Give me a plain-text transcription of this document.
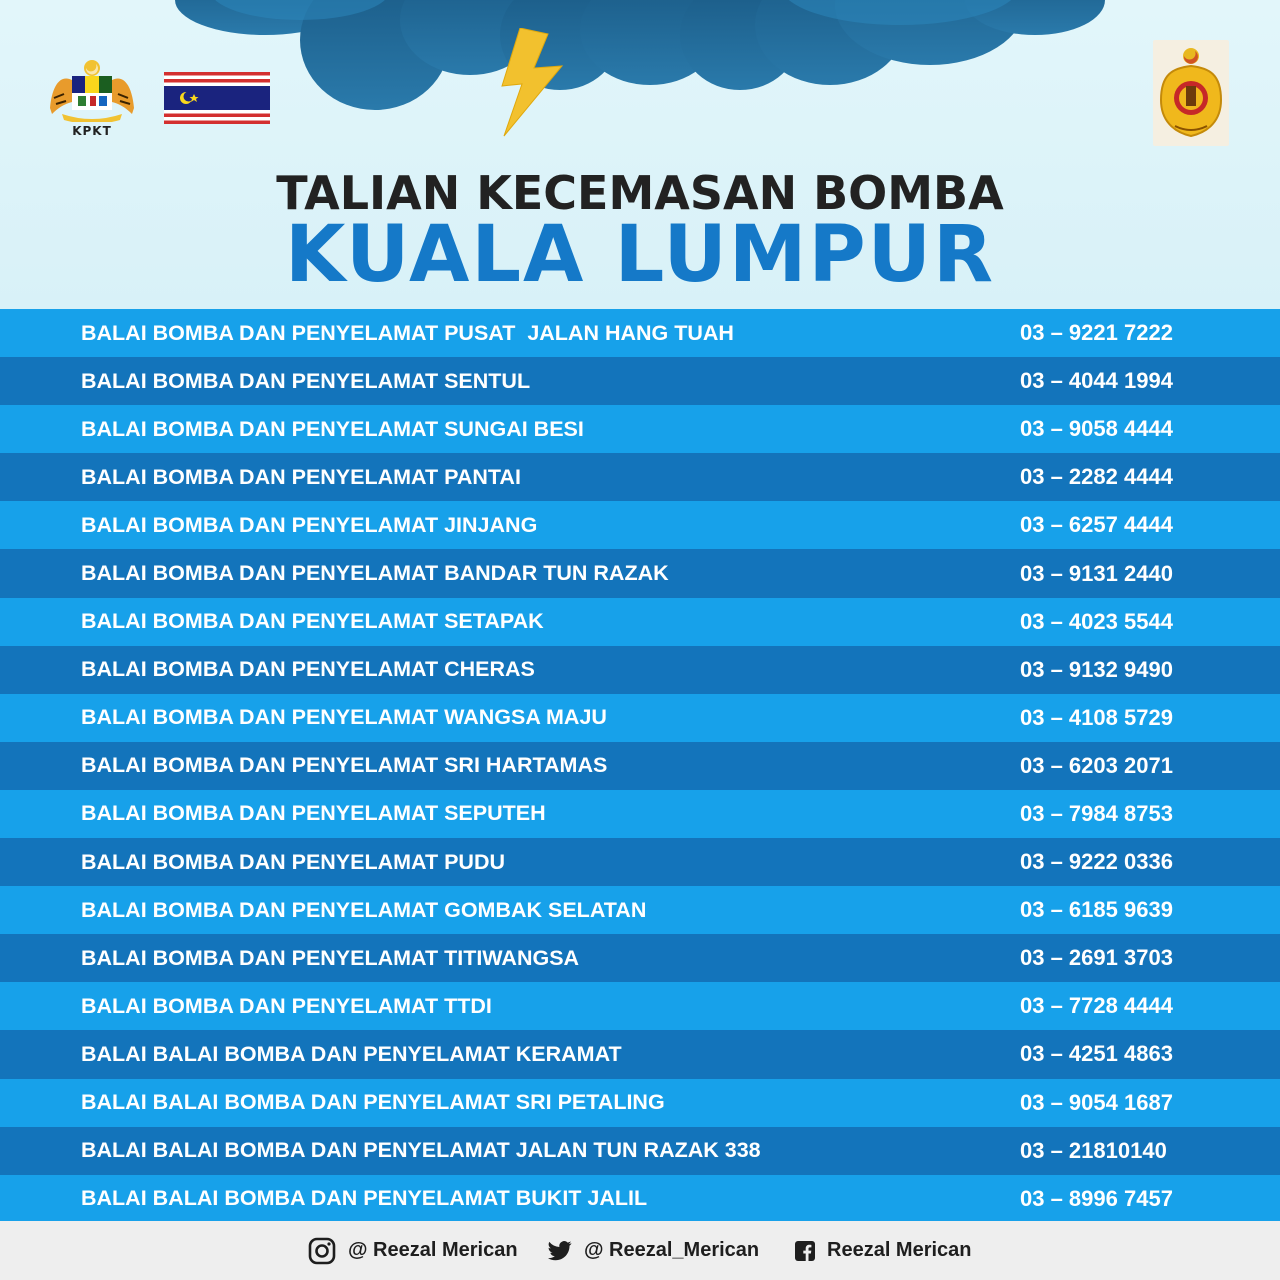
KPKT
TALIAN KECEMASAN BOMBA
KUALA LUMPUR
BALAI BOMBA DAN PENYELAMAT PUSAT  JALAN HANG TUAH	03 – 9221 7222
BALAI BOMBA DAN PENYELAMAT SENTUL	03 – 4044 1994
BALAI BOMBA DAN PENYELAMAT SUNGAI BESI	03 – 9058 4444
BALAI BOMBA DAN PENYELAMAT PANTAI	03 – 2282 4444
BALAI BOMBA DAN PENYELAMAT JINJANG	03 – 6257 4444
BALAI BOMBA DAN PENYELAMAT BANDAR TUN RAZAK	03 – 9131 2440
BALAI BOMBA DAN PENYELAMAT SETAPAK	03 – 4023 5544
BALAI BOMBA DAN PENYELAMAT CHERAS	03 – 9132 9490
BALAI BOMBA DAN PENYELAMAT WANGSA MAJU	03 – 4108 5729
BALAI BOMBA DAN PENYELAMAT SRI HARTAMAS	03 – 6203 2071
BALAI BOMBA DAN PENYELAMAT SEPUTEH	03 – 7984 8753
BALAI BOMBA DAN PENYELAMAT PUDU	03 – 9222 0336
BALAI BOMBA DAN PENYELAMAT GOMBAK SELATAN	03 – 6185 9639
BALAI BOMBA DAN PENYELAMAT TITIWANGSA	03 – 2691 3703
BALAI BOMBA DAN PENYELAMAT TTDI	03 – 7728 4444
BALAI BALAI BOMBA DAN PENYELAMAT KERAMAT	03 – 4251 4863
BALAI BALAI BOMBA DAN PENYELAMAT SRI PETALING	03 – 9054 1687
BALAI BALAI BOMBA DAN PENYELAMAT JALAN TUN RAZAK 338	03 – 21810140
BALAI BALAI BOMBA DAN PENYELAMAT BUKIT JALIL	03 – 8996 7457
@ Reezal Merican	@ Reezal_Merican	Reezal Merican
